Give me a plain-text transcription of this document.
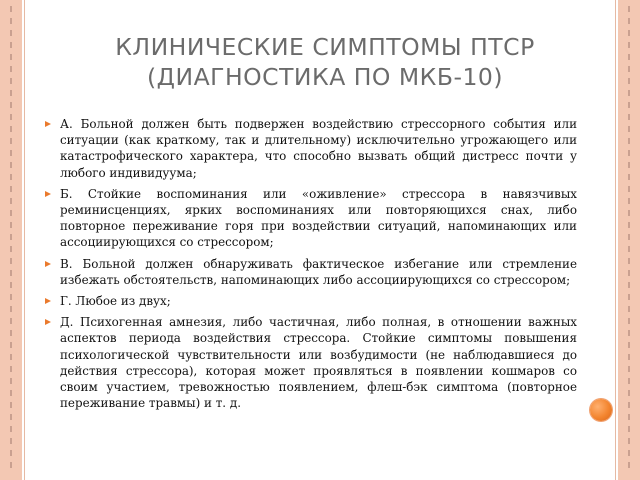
КЛИНИЧЕСКИЕ СИМПТОМЫ ПТСР
(ДИАГНОСТИКА ПО МКБ-10)
А. Больной должен быть подвержен воздействию стрессорного события или ситуации (как краткому, так и длительному) исключительно угрожающего или катастрофического характера, что способно вызвать общий дистресс почти у любого индивидуума;
Б. Стойкие воспоминания или «оживление» стрессора в навязчивых реминисценциях, ярких воспоминаниях или повторяющихся снах, либо повторное переживание горя при воздействии ситуаций, напоминающих или ассоциирующихся со стрессором;
В. Больной должен обнаруживать фактическое избегание или стремление избежать обстоятельств, напоминающих либо ассоциирующихся со стрессором;
Г. Любое из двух;
Д. Психогенная амнезия, либо частичная, либо полная, в отношении важных аспектов периода воздействия стрессора. Стойкие симптомы повышения психологической чувствительности или возбудимости (не наблюдавшиеся до действия стрессора), которая может проявляться в появлении кошмаров со своим участием, тревожностью появлением, флеш-бэк симптома (повторное переживание травмы) и т. д.
